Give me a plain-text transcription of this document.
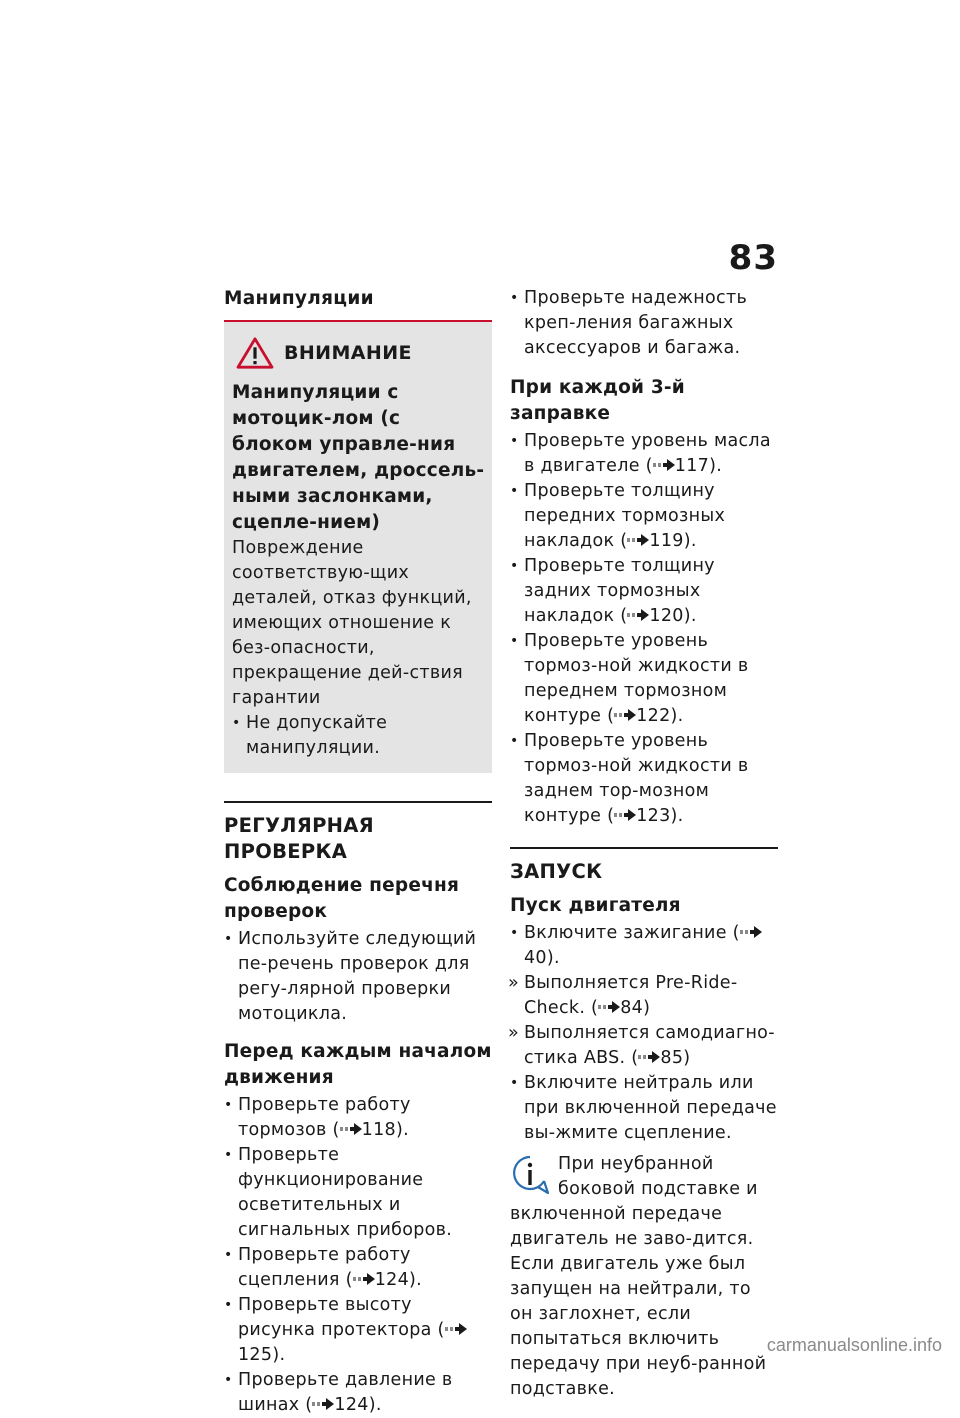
83
Манипуляции
ВНИМАНИЕ
Манипуляции с мотоцик-лом (с блоком управле-ния двигателем, дроссель-ными заслонками, сцепле-нием)
Повреждение соответствую-щих деталей, отказ функций, имеющих отношение к без-опасности, прекращение дей-ствия гарантии
• Не допускайте манипуляции.
РЕГУЛЯРНАЯ ПРОВЕРКА
Соблюдение перечня проверок
• Используйте следующий пе-речень проверок для регу-лярной проверки мотоцикла.
Перед каждым началом движения
• Проверьте работу тормозов ( 118).
• Проверьте функционирование осветительных и сигнальных приборов.
• Проверьте работу сцепления ( 124).
• Проверьте высоту рисунка протектора (125).
• Проверьте давление в шинах ( 124).
• Проверьте надежность креп-ления багажных аксессуаров и багажа.
При каждой 3-й заправке
• Проверьте уровень масла в двигателе ( 117).
• Проверьте толщину передних тормозных накладок ( 119).
• Проверьте толщину задних тормозных накладок ( 120).
• Проверьте уровень тормоз-ной жидкости в переднем тормозном контуре ( 122).
• Проверьте уровень тормоз-ной жидкости в заднем тор-мозном контуре ( 123).
ЗАПУСК
Пуск двигателя
• Включите зажигание (40).
» Выполняется Pre-Ride-Check. ( 84)
» Выполняется самодиагно-стика ABS. ( 85)
• Включите нейтраль или при включенной передаче вы-жмите сцепление.
При неубранной боковой подставке и включенной передаче двигатель не заво-дится. Если двигатель уже был запущен на нейтрали, то он заглохнет, если попытаться включить передачу при неуб-ранной подставке.
carmanualsonline.info
